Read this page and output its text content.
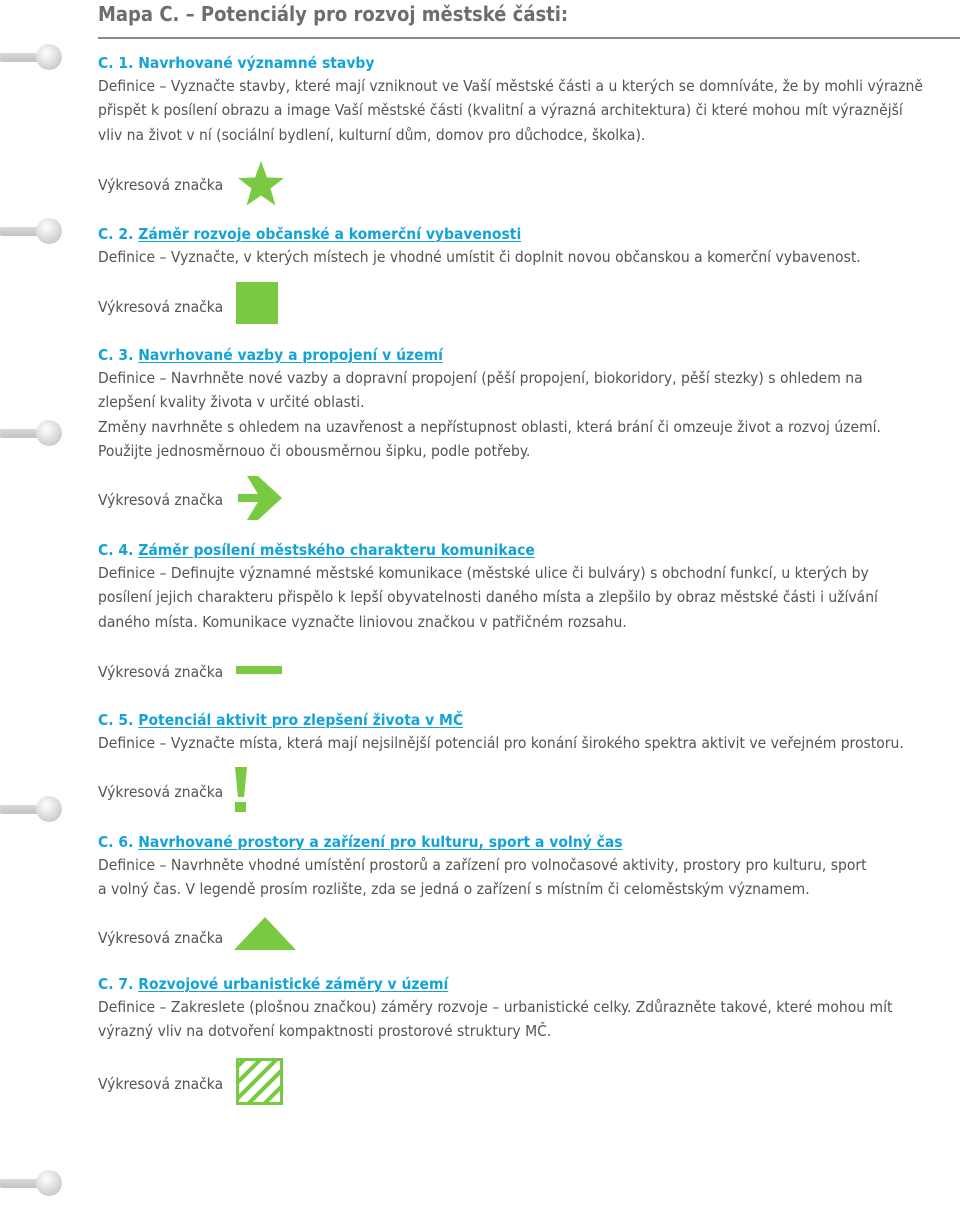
Mapa C. – Potenciály pro rozvoj městské části:
C. 1. Navrhované významné stavby

Definice – Vyznačte stavby, které mají vzniknout ve Vaší městské části a u kterých se domníváte, že by mohli výrazně

přispět k posílení obrazu a image Vaší městské části (kvalitní a výrazná architektura) či které mohou mít výraznější

vliv na život v ní (sociální bydlení, kulturní dům, domov pro důchodce, školka).

Výkresová značka
C. 2. Záměr rozvoje občanské a komerční vybavenosti

Definice – Vyznačte, v kterých místech je vhodné umístit či doplnit novou občanskou a komerční vybavenost.

Výkresová značka
C. 3. Navrhované vazby a propojení v území

Definice – Navrhněte nové vazby a dopravní propojení (pěší propojení, biokoridory, pěší stezky) s ohledem na

zlepšení kvality života v určité oblasti.

Změny navrhněte s ohledem na uzavřenost a nepřístupnost oblasti, která brání či omzeuje život a rozvoj území.

Použijte jednosměrnouo či obousměrnou šipku, podle potřeby.

Výkresová značka
C. 4. Záměr posílení městského charakteru komunikace

Definice – Definujte významné městské komunikace (městské ulice či bulváry) s obchodní funkcí, u kterých by

posílení jejich charakteru přispělo k lepší obyvatelnosti daného místa a zlepšilo by obraz městské části i užívání

daného místa. Komunikace vyznačte liniovou značkou v patřičném rozsahu.

Výkresová značka
C. 5. Potenciál aktivit pro zlepšení života v MČ

Definice – Vyznačte místa, která mají nejsilnější potenciál pro konání širokého spektra aktivit ve veřejném prostoru.

Výkresová značka
C. 6. Navrhované prostory a zařízení pro kulturu, sport a volný čas

Definice – Navrhněte vhodné umístění prostorů a zařízení pro volnočasové aktivity, prostory pro kulturu, sport

a volný čas. V legendě prosím rozlište, zda se jedná o zařízení s místním či celoměstským významem.

Výkresová značka
C. 7. Rozvojové urbanistické záměry v území

Definice – Zakreslete (plošnou značkou) záměry rozvoje – urbanistické celky. Zdůrazněte takové, které mohou mít

výrazný vliv na dotvoření kompaktnosti prostorové struktury MČ.

Výkresová značka
